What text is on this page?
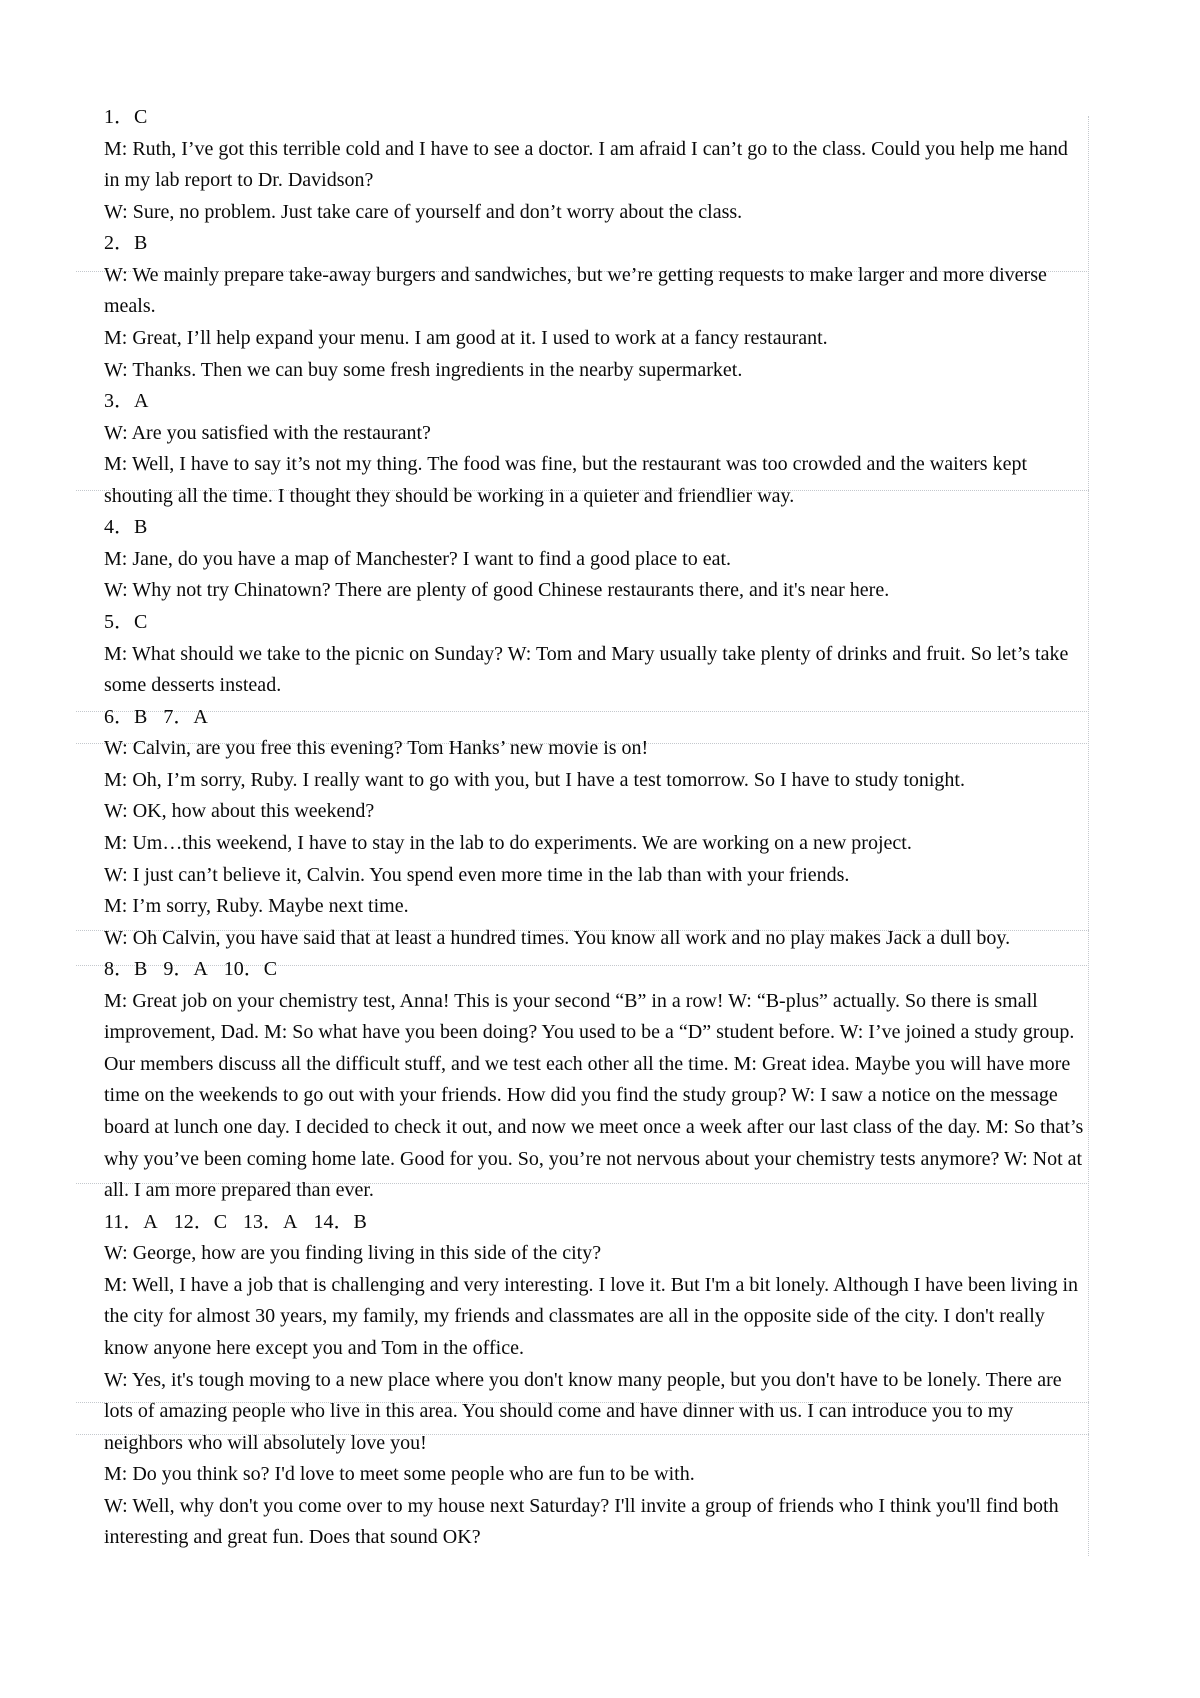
1．C
M: Ruth, I’ve got this terrible cold and I have to see a doctor. I am afraid I can’t go to the class. Could you help me hand in my lab report to Dr. Davidson?
W: Sure, no problem. Just take care of yourself and don’t worry about the class.
2．B
W: We mainly prepare take-away burgers and sandwiches, but we’re getting requests to make larger and more diverse meals.
M: Great, I’ll help expand your menu. I am good at it. I used to work at a fancy restaurant.
W: Thanks. Then we can buy some fresh ingredients in the nearby supermarket.
3．A
W: Are you satisfied with the restaurant?
M: Well, I have to say it’s not my thing. The food was fine, but the restaurant was too crowded and the waiters kept shouting all the time. I thought they should be working in a quieter and friendlier way.
4．B
M: Jane, do you have a map of Manchester? I want to find a good place to eat.
W: Why not try Chinatown? There are plenty of good Chinese restaurants there, and it's near here.
5．C
M: What should we take to the picnic on Sunday? W: Tom and Mary usually take plenty of drinks and fruit. So let’s take some desserts instead.
6．B 7．A
W: Calvin, are you free this evening? Tom Hanks’ new movie is on!
M: Oh, I’m sorry, Ruby. I really want to go with you, but I have a test tomorrow. So I have to study tonight.
W: OK, how about this weekend?
M: Um…this weekend, I have to stay in the lab to do experiments. We are working on a new project.
W: I just can’t believe it, Calvin. You spend even more time in the lab than with your friends.
M: I’m sorry, Ruby. Maybe next time.
W: Oh Calvin, you have said that at least a hundred times. You know all work and no play makes Jack a dull boy.
8．B 9．A 10．C
M: Great job on your chemistry test, Anna! This is your second “B” in a row! W: “B-plus” actually. So there is small improvement, Dad. M: So what have you been doing? You used to be a “D” student before. W: I’ve joined a study group. Our members discuss all the difficult stuff, and we test each other all the time. M: Great idea. Maybe you will have more time on the weekends to go out with your friends. How did you find the study group? W: I saw a notice on the message board at lunch one day. I decided to check it out, and now we meet once a week after our last class of the day. M: So that’s why you’ve been coming home late. Good for you. So, you’re not nervous about your chemistry tests anymore? W: Not at all. I am more prepared than ever.
11．A 12．C 13．A 14．B
W: George, how are you finding living in this side of the city?
M: Well, I have a job that is challenging and very interesting. I love it. But I'm a bit lonely. Although I have been living in the city for almost 30 years, my family, my friends and classmates are all in the opposite side of the city. I don't really know anyone here except you and Tom in the office.
W: Yes, it's tough moving to a new place where you don't know many people, but you don't have to be lonely. There are lots of amazing people who live in this area. You should come and have dinner with us. I can introduce you to my neighbors who will absolutely love you!
M: Do you think so? I'd love to meet some people who are fun to be with.
W: Well, why don't you come over to my house next Saturday? I'll invite a group of friends who I think you'll find both interesting and great fun. Does that sound OK?
